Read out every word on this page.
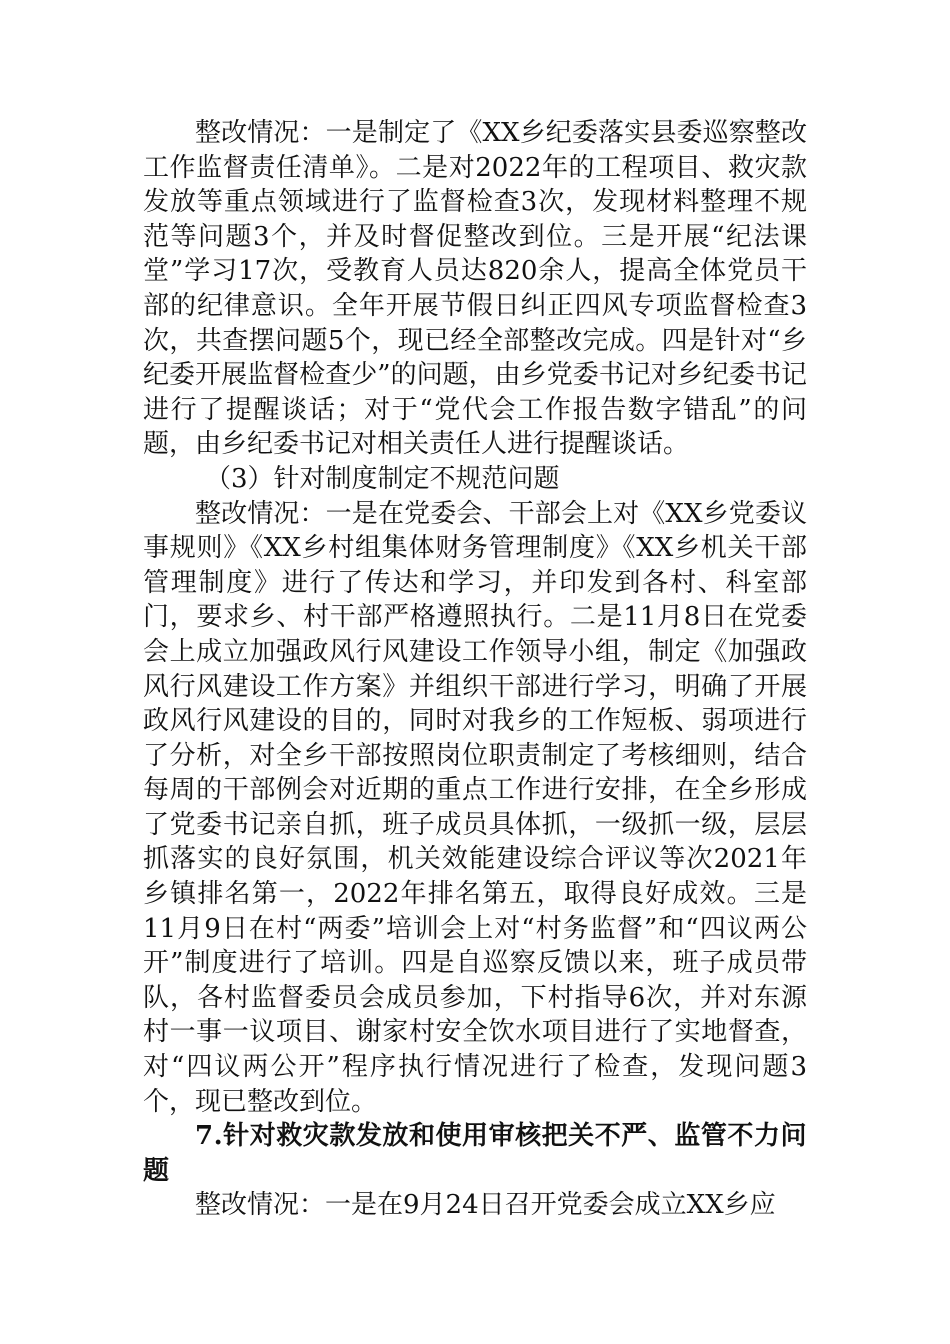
整改情况：一是制定了《XX乡纪委落实县委巡察整改工作监督责任清单》。二是对2022年的工程项目、救灾款发放等重点领域进行了监督检查3次，发现材料整理不规范等问题3个，并及时督促整改到位。三是开展“纪法课堂”学习17次，受教育人员达820余人，提高全体党员干部的纪律意识。全年开展节假日纠正四风专项监督检查3次，共查摆问题5个，现已经全部整改完成。四是针对“乡纪委开展监督检查少”的问题，由乡党委书记对乡纪委书记进行了提醒谈话；对于“党代会工作报告数字错乱”的问题，由乡纪委书记对相关责任人进行提醒谈话。

（3）针对制度制定不规范问题

整改情况：一是在党委会、干部会上对《XX乡党委议事规则》《XX乡村组集体财务管理制度》《XX乡机关干部管理制度》进行了传达和学习，并印发到各村、科室部门，要求乡、村干部严格遵照执行。二是11月8日在党委会上成立加强政风行风建设工作领导小组，制定《加强政风行风建设工作方案》并组织干部进行学习，明确了开展政风行风建设的目的，同时对我乡的工作短板、弱项进行了分析，对全乡干部按照岗位职责制定了考核细则，结合每周的干部例会对近期的重点工作进行安排，在全乡形成了党委书记亲自抓，班子成员具体抓，一级抓一级，层层抓落实的良好氛围，机关效能建设综合评议等次2021年乡镇排名第一，2022年排名第五，取得良好成效。三是11月9日在村“两委”培训会上对“村务监督”和“四议两公开”制度进行了培训。四是自巡察反馈以来，班子成员带队，各村监督委员会成员参加，下村指导6次，并对东源村一事一议项目、谢家村安全饮水项目进行了实地督查，对“四议两公开”程序执行情况进行了检查，发现问题3个，现已整改到位。

7.针对救灾款发放和使用审核把关不严、监管不力问题

整改情况：一是在9月24日召开党委会成立XX乡应
